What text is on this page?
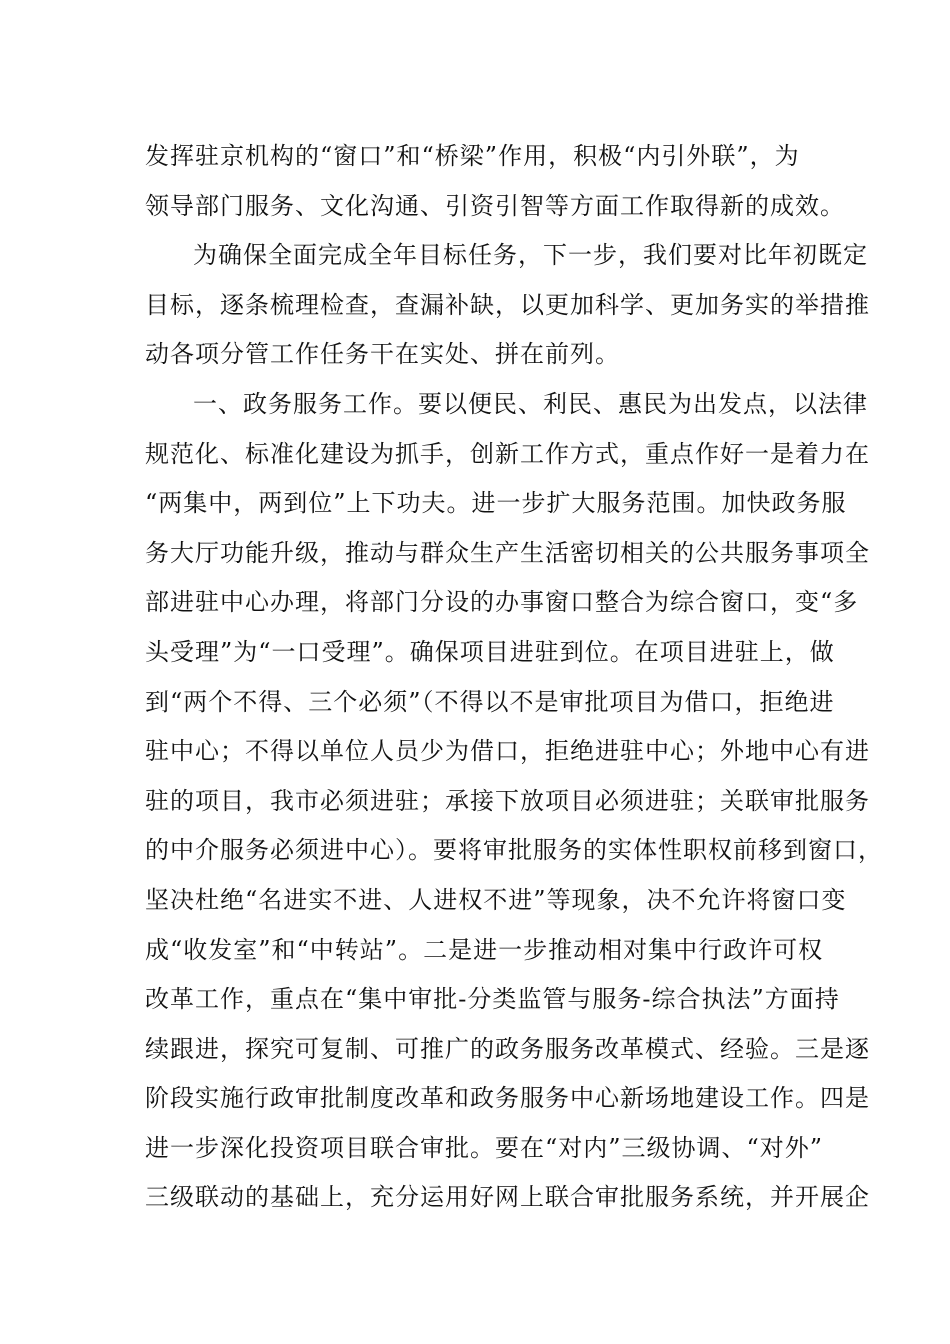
发挥驻京机构的“窗口”和“桥梁”作用，积极“内引外联”，为
领导部门服务、文化沟通、引资引智等方面工作取得新的成效。
为确保全面完成全年目标任务，下一步，我们要对比年初既定
目标，逐条梳理检查，查漏补缺，以更加科学、更加务实的举措推
动各项分管工作任务干在实处、拼在前列。
一、政务服务工作。要以便民、利民、惠民为出发点，以法律
规范化、标准化建设为抓手，创新工作方式，重点作好一是着力在
“两集中，两到位”上下功夫。进一步扩大服务范围。加快政务服
务大厅功能升级，推动与群众生产生活密切相关的公共服务事项全
部进驻中心办理，将部门分设的办事窗口整合为综合窗口，变“多
头受理”为“一口受理”。确保项目进驻到位。在项目进驻上，做
到“两个不得、三个必须”（不得以不是审批项目为借口，拒绝进
驻中心；不得以单位人员少为借口，拒绝进驻中心；外地中心有进
驻的项目，我市必须进驻；承接下放项目必须进驻；关联审批服务
的中介服务必须进中心）。要将审批服务的实体性职权前移到窗口，
坚决杜绝“名进实不进、人进权不进”等现象，决不允许将窗口变
成“收发室”和“中转站”。二是进一步推动相对集中行政许可权
改革工作，重点在“集中审批-分类监管与服务-综合执法”方面持
续跟进，探究可复制、可推广的政务服务改革模式、经验。三是逐
阶段实施行政审批制度改革和政务服务中心新场地建设工作。四是
进一步深化投资项目联合审批。要在“对内”三级协调、“对外”
三级联动的基础上，充分运用好网上联合审批服务系统，并开展企
